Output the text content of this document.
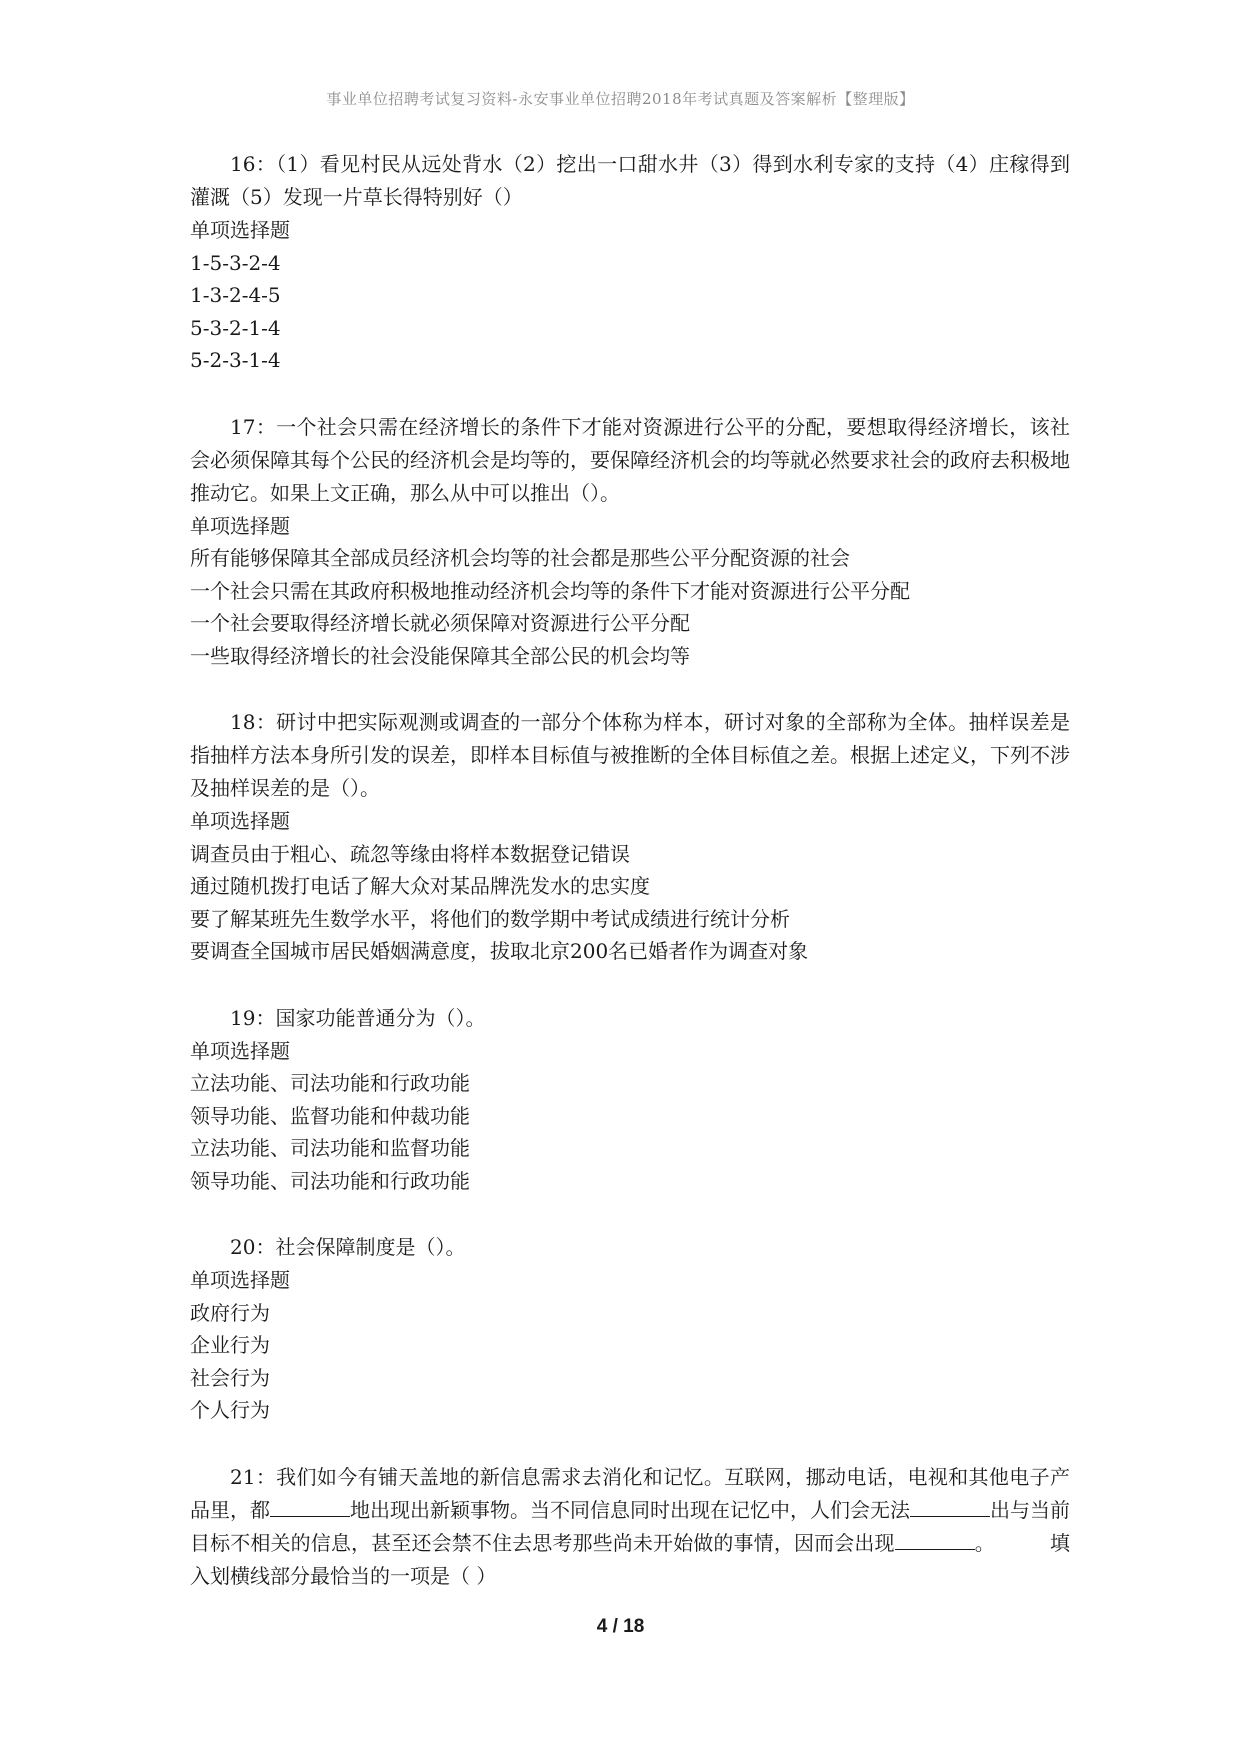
事业单位招聘考试复习资料-永安事业单位招聘2018年考试真题及答案解析【整理版】

16：（1）看见村民从远处背水（2）挖出一口甜水井（3）得到水利专家的支持（4）庄稼得到灌溉（5）发现一片草长得特别好（）

单项选择题

1-5-3-2-4

1-3-2-4-5

5-3-2-1-4

5-2-3-1-4

17：一个社会只需在经济增长的条件下才能对资源进行公平的分配，要想取得经济增长，该社会必须保障其每个公民的经济机会是均等的，要保障经济机会的均等就必然要求社会的政府去积极地推动它。如果上文正确，那么从中可以推出（）。

单项选择题

所有能够保障其全部成员经济机会均等的社会都是那些公平分配资源的社会

一个社会只需在其政府积极地推动经济机会均等的条件下才能对资源进行公平分配

一个社会要取得经济增长就必须保障对资源进行公平分配

一些取得经济增长的社会没能保障其全部公民的机会均等

18：研讨中把实际观测或调查的一部分个体称为样本，研讨对象的全部称为全体。抽样误差是指抽样方法本身所引发的误差，即样本目标值与被推断的全体目标值之差。根据上述定义，下列不涉及抽样误差的是（）。

单项选择题

调查员由于粗心、疏忽等缘由将样本数据登记错误

通过随机拨打电话了解大众对某品牌洗发水的忠实度

要了解某班先生数学水平，将他们的数学期中考试成绩进行统计分析

要调查全国城市居民婚姻满意度，拔取北京200名已婚者作为调查对象

19：国家功能普通分为（）。

单项选择题

立法功能、司法功能和行政功能

领导功能、监督功能和仲裁功能

立法功能、司法功能和监督功能

领导功能、司法功能和行政功能

20：社会保障制度是（）。

单项选择题

政府行为

企业行为

社会行为

个人行为

21：我们如今有铺天盖地的新信息需求去消化和记忆。互联网，挪动电话，电视和其他电子产品里，都	地出现出新颖事物。当不同信息同时出现在记忆中，人们会无法	出与当前目标不相关的信息，甚至还会禁不住去思考那些尚未开始做的事情，因而会出现	。	填入划横线部分最恰当的一项是（ ）

4 / 18
